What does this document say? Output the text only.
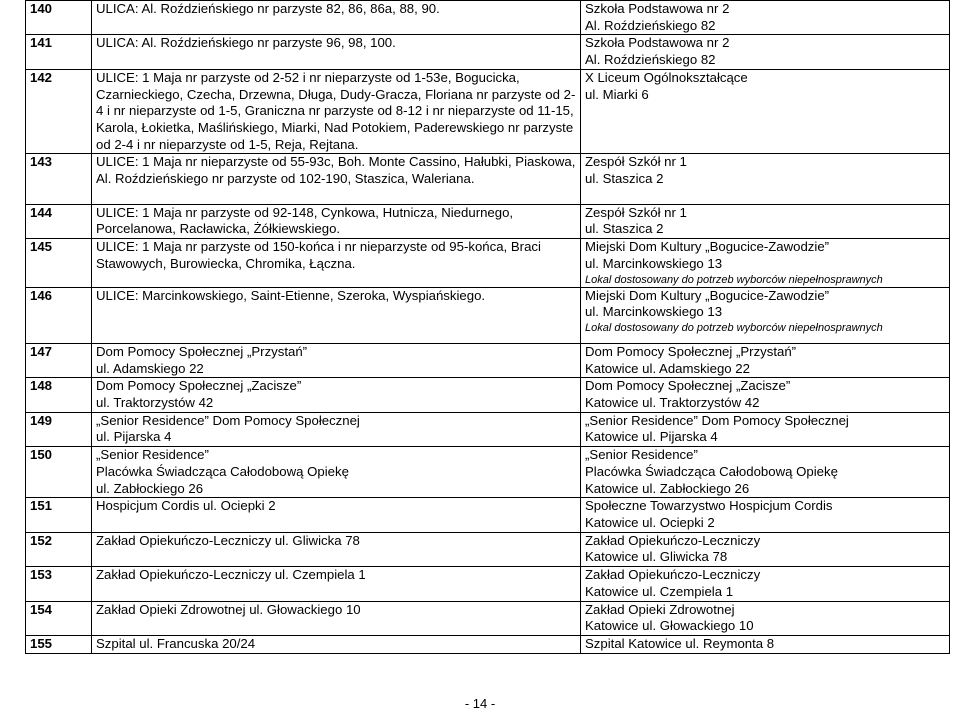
140	ULICA: Al. Roździeńskiego nr parzyste 82, 86, 86a, 88, 90.	Szkoła Podstawowa nr 2
Al. Roździeńskiego 82

141	ULICA: Al. Roździeńskiego nr parzyste 96, 98, 100.	Szkoła Podstawowa nr 2
Al. Roździeńskiego 82

142	ULICE: 1 Maja nr parzyste od 2-52 i nr nieparzyste od 1-53e, Bogucicka,
Czarnieckiego, Czecha, Drzewna, Długa, Dudy-Gracza, Floriana nr parzyste od 2-
4 i nr nieparzyste od 1-5, Graniczna nr parzyste od 8-12 i nr nieparzyste od 11-15,
Karola, Łokietka, Maślińskiego, Miarki, Nad Potokiem, Paderewskiego nr parzyste
od 2-4 i nr nieparzyste od 1-5, Reja, Rejtana.	X Liceum Ogólnokształcące
ul. Miarki 6

143	ULICE: 1 Maja nr nieparzyste od 55-93c, Boh. Monte Cassino, Hałubki, Piaskowa,
Al. Roździeńskiego nr parzyste od 102-190, Staszica, Waleriana.	Zespół Szkół nr 1
ul. Staszica 2

144	ULICE: 1 Maja nr parzyste od 92-148, Cynkowa, Hutnicza, Niedurnego,
Porcelanowa, Racławicka, Żółkiewskiego.	Zespół Szkół nr 1
ul. Staszica 2

145	ULICE: 1 Maja nr parzyste od 150-końca i nr nieparzyste od 95-końca, Braci
Stawowych, Burowiecka, Chromika, Łączna.	Miejski Dom Kultury „Bogucice-Zawodzie”
ul. Marcinkowskiego 13
Lokal dostosowany do potrzeb wyborców niepełnosprawnych

146	ULICE: Marcinkowskiego, Saint-Etienne, Szeroka, Wyspiańskiego.	Miejski Dom Kultury „Bogucice-Zawodzie”
ul. Marcinkowskiego 13
Lokal dostosowany do potrzeb wyborców niepełnosprawnych

147	Dom Pomocy Społecznej „Przystań”
ul. Adamskiego 22	Dom Pomocy Społecznej „Przystań”
Katowice ul. Adamskiego 22

148	Dom Pomocy Społecznej „Zacisze”
ul. Traktorzystów 42	Dom Pomocy Społecznej „Zacisze”
Katowice ul. Traktorzystów 42

149	„Senior Residence” Dom Pomocy Społecznej
ul. Pijarska 4	„Senior Residence” Dom Pomocy Społecznej
Katowice ul. Pijarska 4

150	„Senior Residence”
Placówka Świadcząca Całodobową Opiekę
ul. Zabłockiego 26	„Senior Residence”
Placówka Świadcząca Całodobową Opiekę
Katowice ul. Zabłockiego 26

151	Hospicjum Cordis ul. Ociepki 2	Społeczne Towarzystwo Hospicjum Cordis
Katowice ul. Ociepki 2

152	Zakład Opiekuńczo-Leczniczy ul. Gliwicka 78	Zakład Opiekuńczo-Leczniczy
Katowice ul. Gliwicka 78

153	Zakład Opiekuńczo-Leczniczy ul. Czempiela 1	Zakład Opiekuńczo-Leczniczy
Katowice ul. Czempiela 1

154	Zakład Opieki Zdrowotnej ul. Głowackiego 10	Zakład Opieki Zdrowotnej
Katowice ul. Głowackiego 10

155	Szpital ul. Francuska 20/24	Szpital Katowice ul. Reymonta 8
- 14 -
